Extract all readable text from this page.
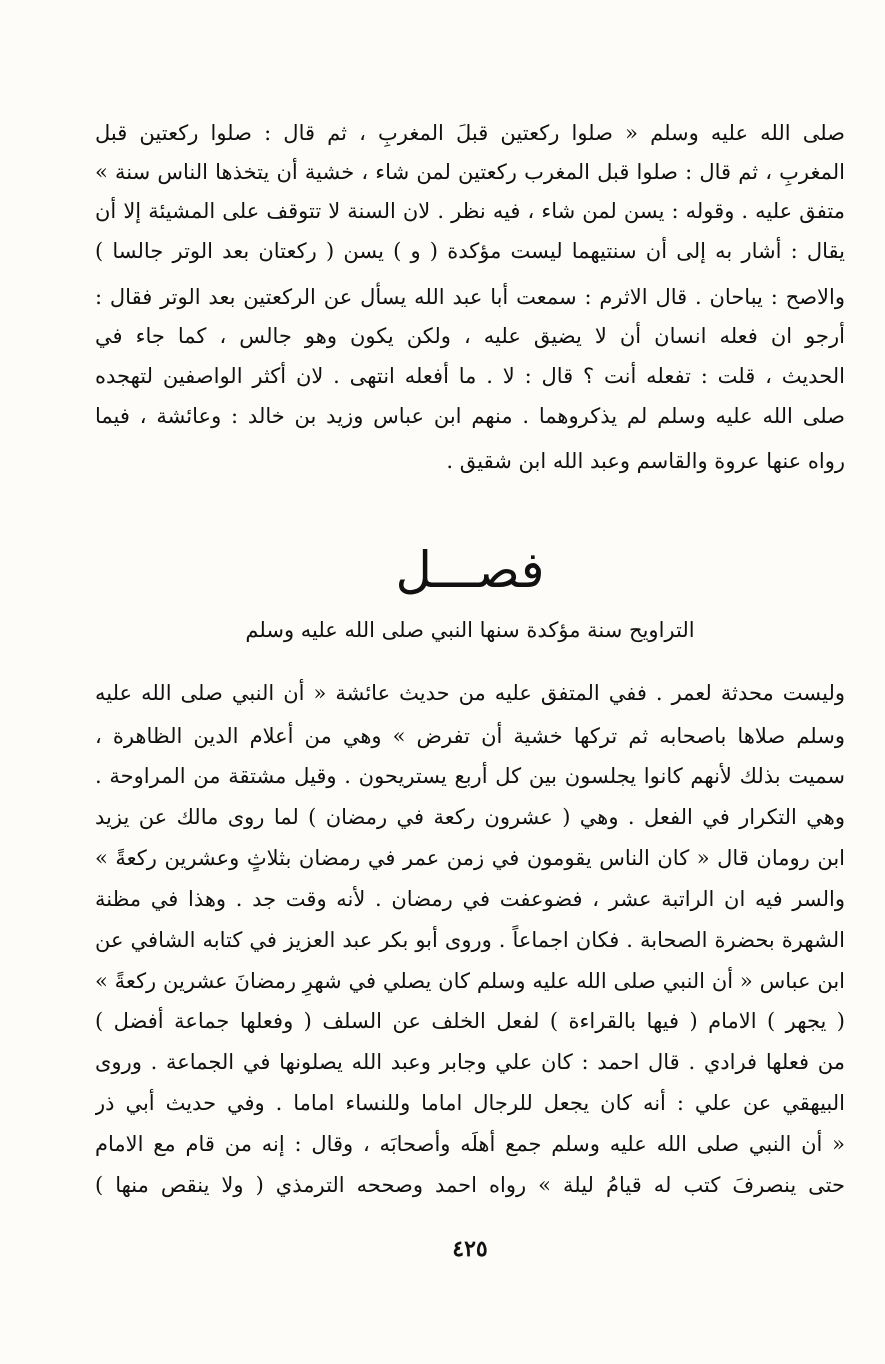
صلى الله عليه وسلم « صلوا ركعتين قبلَ المغربِ ، ثم قال : صلوا ركعتين قبل
المغربِ ، ثم قال : صلوا قبل المغرب ركعتين لمن شاء ، خشية أن يتخذها الناس سنة »
متفق عليه . وقوله : يسن لمن شاء ، فيه نظر . لان السنة لا تتوقف على المشيئة إلا أن
يقال : أشار به إلى أن سنتيهما ليست مؤكدة ( و ) يسن ( ركعتان بعد الوتر جالسا )
والاصح : يباحان . قال الاثرم : سمعت أبا عبد الله يسأل عن الركعتين بعد الوتر فقال :
أرجو ان فعله انسان أن لا يضيق عليه ، ولكن يكون وهو جالس ، كما جاء في
الحديث ، قلت : تفعله أنت ؟ قال : لا . ما أفعله انتهى . لان أكثر الواصفين لتهجده
صلى الله عليه وسلم لم يذكروهما . منهم ابن عباس وزيد بن خالد : وعائشة ، فيما
رواه عنها عروة والقاسم وعبد الله ابن شقيق .
فصـــل
التراويح سنة مؤكدة سنها النبي صلى الله عليه وسلم
وليست محدثة لعمر . ففي المتفق عليه من حديث عائشة « أن النبي صلى الله عليه
وسلم صلاها باصحابه ثم تركها خشية أن تفرض » وهي من أعلام الدين الظاهرة ،
سميت بذلك لأنهم كانوا يجلسون بين كل أربع يستريحون . وقيل مشتقة من المراوحة .
وهي التكرار في الفعل . وهي ( عشرون ركعة في رمضان ) لما روى مالك عن يزيد
ابن رومان قال « كان الناس يقومون في زمن عمر في رمضان بثلاثٍ وعشرين ركعةً »
والسر فيه ان الراتبة عشر ، فضوعفت في رمضان . لأنه وقت جد . وهذا في مظنة
الشهرة بحضرة الصحابة . فكان اجماعاً . وروى أبو بكر عبد العزيز في كتابه الشافي عن
ابن عباس « أن النبي صلى الله عليه وسلم كان يصلي في شهرِ رمضانَ عشرين ركعةً »
( يجهر ) الامام ( فيها بالقراءة ) لفعل الخلف عن السلف ( وفعلها جماعة أفضل )
من فعلها فرادي . قال احمد : كان علي وجابر وعبد الله يصلونها في الجماعة . وروى
البيهقي عن علي : أنه كان يجعل للرجال اماما وللنساء اماما . وفي حديث أبي ذر
« أن النبي صلى الله عليه وسلم جمع أهلَه وأصحابَه ، وقال : إنه من قام مع الامام
حتى ينصرفَ كتب له قيامُ ليلة » رواه احمد وصححه الترمذي ( ولا ينقص منها )
٤٢٥
